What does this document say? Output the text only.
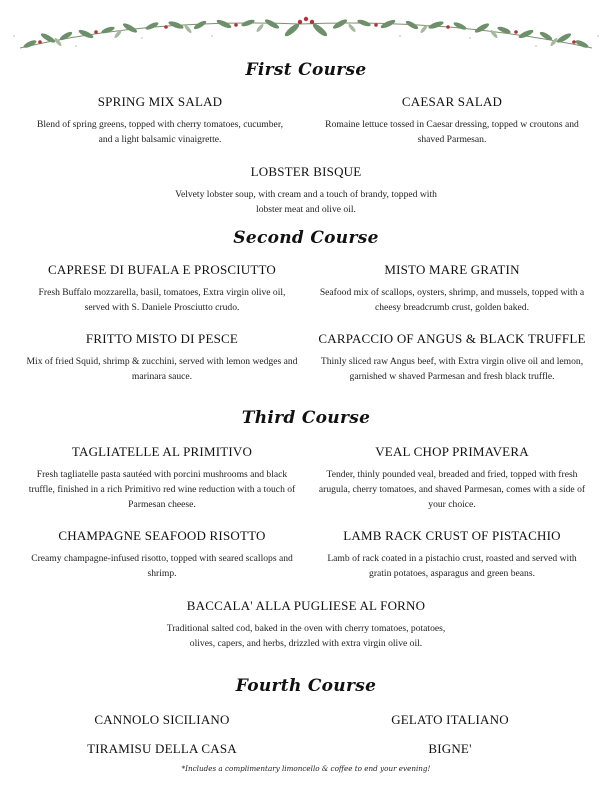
First Course

SPRING MIX SALAD

Blend of spring greens, topped with cherry tomatoes, cucumber, and a light balsamic vinaigrette.

CAESAR SALAD

Romaine lettuce tossed in Caesar dressing, topped w croutons and shaved Parmesan.

LOBSTER BISQUE

Velvety lobster soup, with cream and a touch of brandy, topped with lobster meat and olive oil.

Second Course

CAPRESE DI BUFALA E PROSCIUTTO

Fresh Buffalo mozzarella, basil, tomatoes, Extra virgin olive oil, served with S. Daniele Prosciutto crudo.

MISTO MARE GRATIN

Seafood mix of scallops, oysters, shrimp, and mussels, topped with a cheesy breadcrumb crust, golden baked.

FRITTO MISTO DI PESCE

Mix of fried Squid, shrimp & zucchini, served with lemon wedges and marinara sauce.

CARPACCIO OF ANGUS & BLACK TRUFFLE

Thinly sliced raw Angus beef, with Extra virgin olive oil and lemon, garnished w shaved Parmesan and fresh black truffle.

Third Course

TAGLIATELLE AL PRIMITIVO

Fresh tagliatelle pasta sautéed with porcini mushrooms and black truffle, finished in a rich Primitivo red wine reduction with a touch of Parmesan cheese.

VEAL CHOP PRIMAVERA

Tender, thinly pounded veal, breaded and fried, topped with fresh arugula, cherry tomatoes, and shaved Parmesan, comes with a side of your choice.

CHAMPAGNE SEAFOOD RISOTTO

Creamy champagne-infused risotto, topped with seared scallops and shrimp.

LAMB RACK CRUST OF PISTACHIO

Lamb of rack coated in a pistachio crust, roasted and served with gratin potatoes, asparagus and green beans.

BACCALA' ALLA PUGLIESE AL FORNO

Traditional salted cod, baked in the oven with cherry tomatoes, potatoes, olives, capers, and herbs, drizzled with extra virgin olive oil.

Fourth Course
CANNOLO SICILIANO	GELATO ITALIANO
TIRAMISU DELLA CASA	BIGNE'
*Includes a complimentary limoncello & coffee to end your evening!
